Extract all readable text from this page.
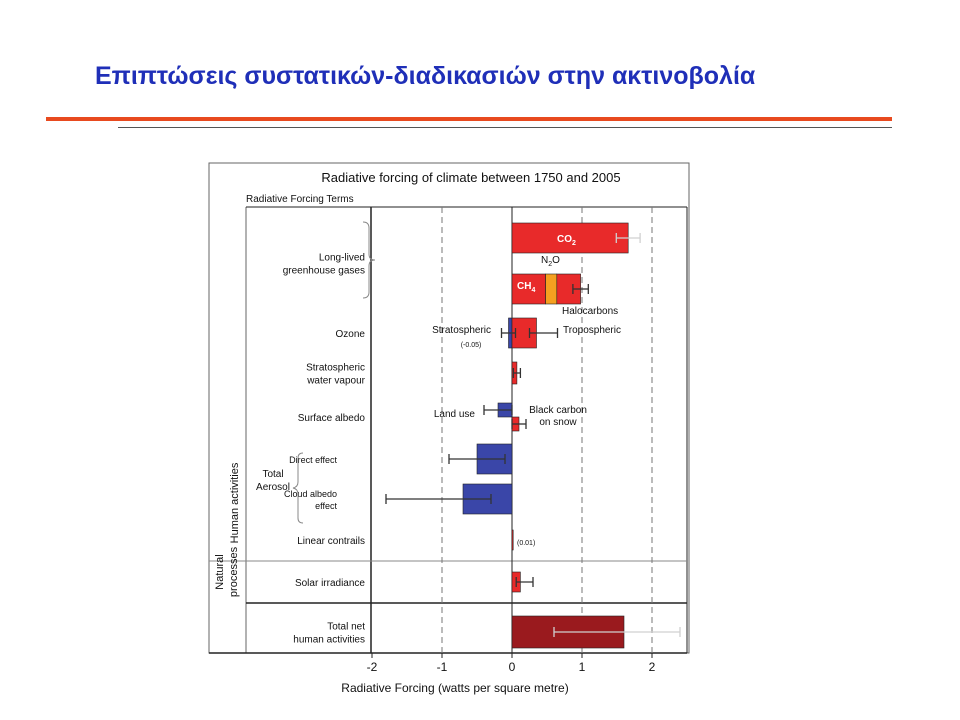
Επιπτώσεις συστατικών-διαδικασιών στην ακτινοβολία
Radiative forcing of climate between 1750 and 2005
Radiative Forcing Terms
Long-lived
greenhouse gases
Ozone
Stratospheric
water vapour
Surface albedo
Direct effect
Cloud albedo
effect
Linear contrails
Solar irradiance
Total net
human activities
Human activities
Natural processes
Total
Aerosol
$CO_2$
$CH_4$
$N_2O$
Halocarbons
Stratospheric
(-0.05)
Tropospheric
Land use	Black carbon
on snow
(0.01)
-2	-1	0	1	2
Radiative Forcing (watts per square metre)
